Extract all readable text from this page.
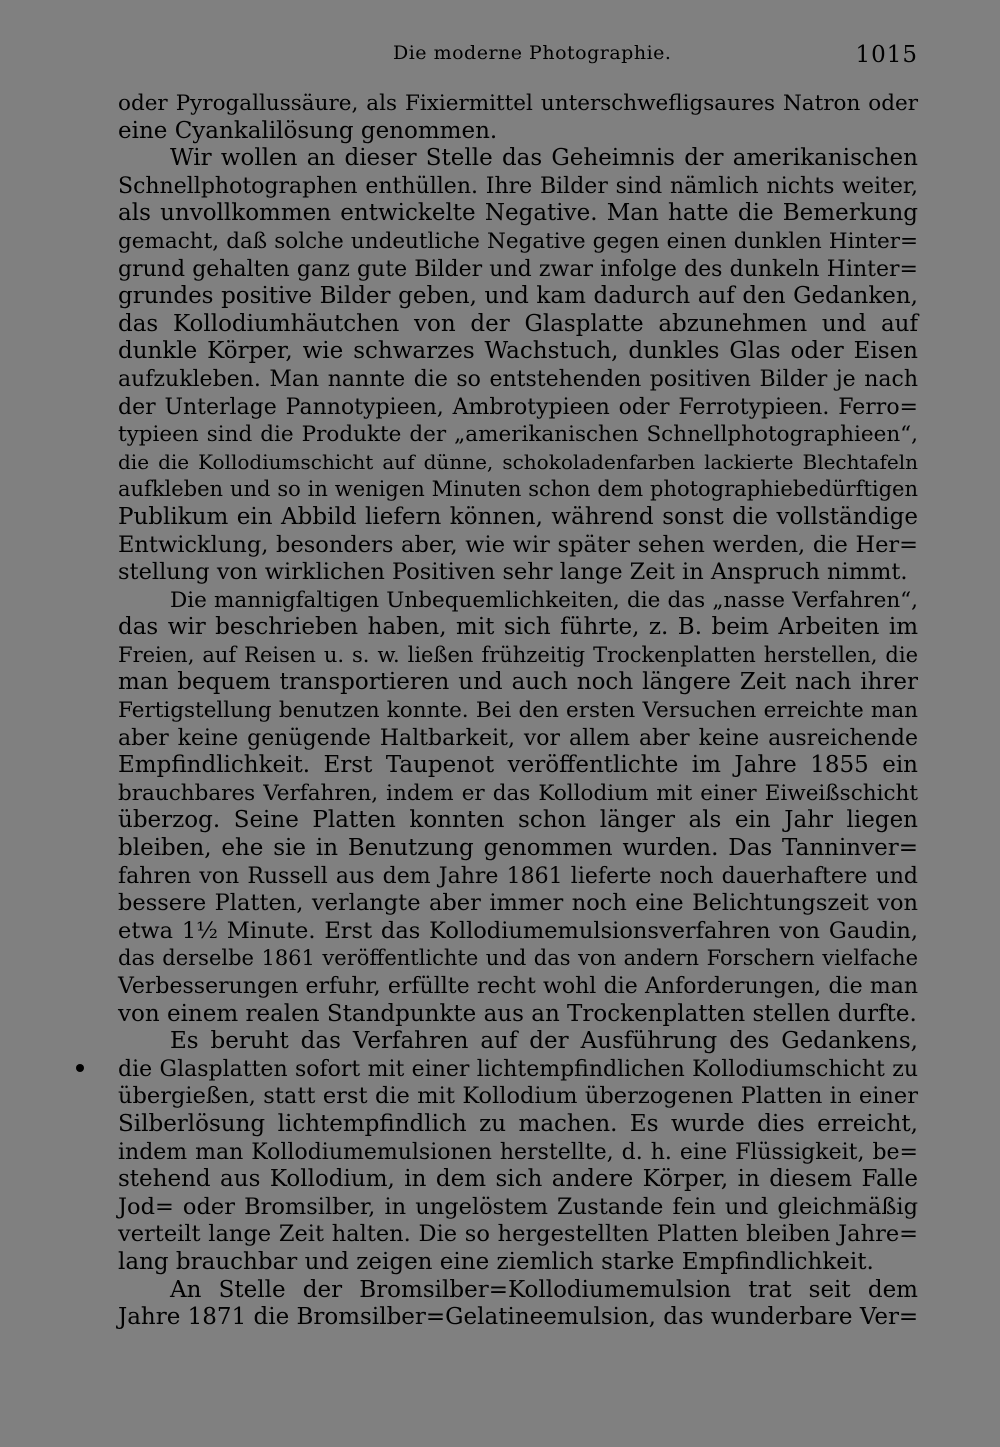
Die moderne Photographie.	1015
oder Pyrogallussäure, als Fixiermittel unterschwefligsaures Natron oder
eine Cyankalilösung genommen.
Wir wollen an dieser Stelle das Geheimnis der amerikanischen
Schnellphotographen enthüllen. Ihre Bilder sind nämlich nichts weiter,
als unvollkommen entwickelte Negative. Man hatte die Bemerkung
gemacht, daß solche undeutliche Negative gegen einen dunklen Hinter=
grund gehalten ganz gute Bilder und zwar infolge des dunkeln Hinter=
grundes positive Bilder geben, und kam dadurch auf den Gedanken,
das Kollodiumhäutchen von der Glasplatte abzunehmen und auf
dunkle Körper, wie schwarzes Wachstuch, dunkles Glas oder Eisen
aufzukleben. Man nannte die so entstehenden positiven Bilder je nach
der Unterlage Pannotypieen, Ambrotypieen oder Ferrotypieen. Ferro=
typieen sind die Produkte der „amerikanischen Schnellphotographieen“,
die die Kollodiumschicht auf dünne, schokoladenfarben lackierte Blechtafeln
aufkleben und so in wenigen Minuten schon dem photographiebedürftigen
Publikum ein Abbild liefern können, während sonst die vollständige
Entwicklung, besonders aber, wie wir später sehen werden, die Her=
stellung von wirklichen Positiven sehr lange Zeit in Anspruch nimmt.
Die mannigfaltigen Unbequemlichkeiten, die das „nasse Verfahren“,
das wir beschrieben haben, mit sich führte, z. B. beim Arbeiten im
Freien, auf Reisen u. s. w. ließen frühzeitig Trockenplatten herstellen, die
man bequem transportieren und auch noch längere Zeit nach ihrer
Fertigstellung benutzen konnte. Bei den ersten Versuchen erreichte man
aber keine genügende Haltbarkeit, vor allem aber keine ausreichende
Empfindlichkeit. Erst Taupenot veröffentlichte im Jahre 1855 ein
brauchbares Verfahren, indem er das Kollodium mit einer Eiweißschicht
überzog. Seine Platten konnten schon länger als ein Jahr liegen
bleiben, ehe sie in Benutzung genommen wurden. Das Tanninver=
fahren von Russell aus dem Jahre 1861 lieferte noch dauerhaftere und
bessere Platten, verlangte aber immer noch eine Belichtungszeit von
etwa 1½ Minute. Erst das Kollodiumemulsionsverfahren von Gaudin,
das derselbe 1861 veröffentlichte und das von andern Forschern vielfache
Verbesserungen erfuhr, erfüllte recht wohl die Anforderungen, die man
von einem realen Standpunkte aus an Trockenplatten stellen durfte.
Es beruht das Verfahren auf der Ausführung des Gedankens,
die Glasplatten sofort mit einer lichtempfindlichen Kollodiumschicht zu
übergießen, statt erst die mit Kollodium überzogenen Platten in einer
Silberlösung lichtempfindlich zu machen. Es wurde dies erreicht,
indem man Kollodiumemulsionen herstellte, d. h. eine Flüssigkeit, be=
stehend aus Kollodium, in dem sich andere Körper, in diesem Falle
Jod= oder Bromsilber, in ungelöstem Zustande fein und gleichmäßig
verteilt lange Zeit halten. Die so hergestellten Platten bleiben Jahre=
lang brauchbar und zeigen eine ziemlich starke Empfindlichkeit.
An Stelle der Bromsilber=Kollodiumemulsion trat seit dem
Jahre 1871 die Bromsilber=Gelatineemulsion, das wunderbare Ver=
